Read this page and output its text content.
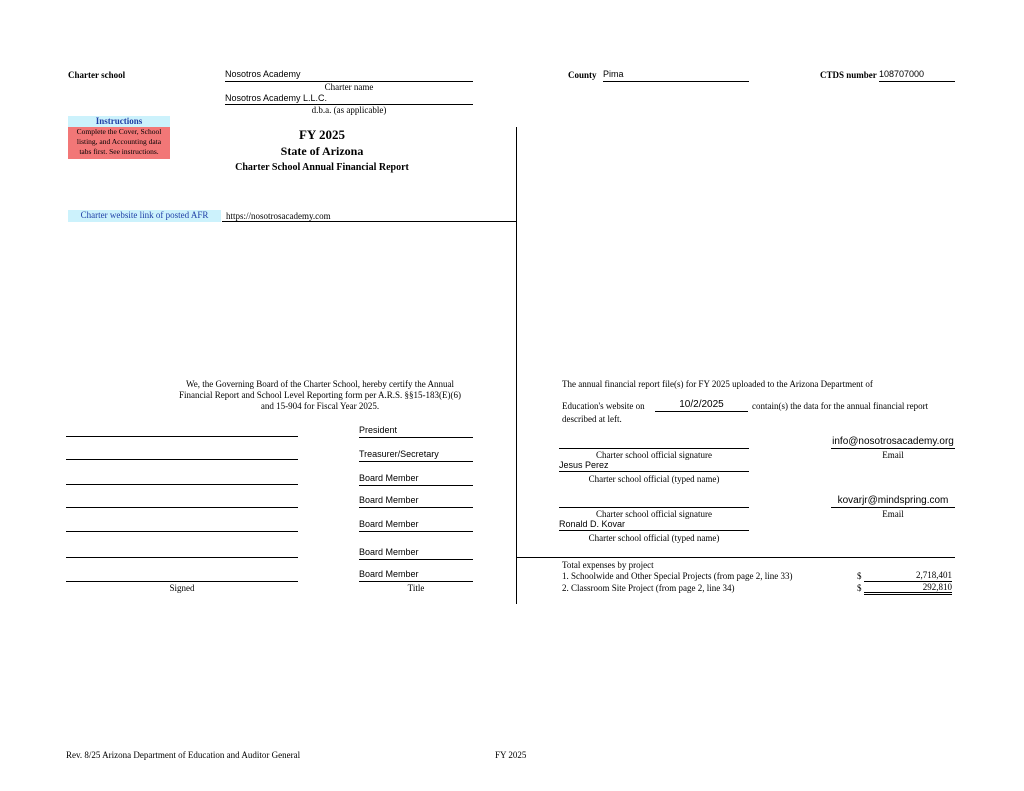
Charter school	Nosotros Academy
Charter name
Nosotros Academy L.L.C.
d.b.a. (as applicable)
County Pima	CTDS number 108707000
Instructions
Complete the Cover, School
listing, and Accounting data
tabs first. See instructions.
FY 2025
State of Arizona
Charter School Annual Financial Report
Charter website link of posted AFR	https://nosotrosacademy.com
We, the Governing Board of the Charter School, hereby certify the Annual
Financial Report and School Level Reporting form per A.R.S. §§15-183(E)(6)
and 15-904 for Fiscal Year 2025.
President
Treasurer/Secretary
Board Member
Board Member
Board Member
Board Member
Board Member
Signed	Title
The annual financial report file(s) for FY 2025 uploaded to the Arizona Department of
Education's website on	10/2/2025	contain(s) the data for the annual financial report
described at left.
Charter school official signature
info@nosotrosacademy.org
Email
Jesus Perez
Charter school official (typed name)
Charter school official signature
kovarjr@mindspring.com
Email
Ronald D. Kovar
Charter school official (typed name)
Total expenses by project
1. Schoolwide and Other Special Projects (from page 2, line 33)	$	2,718,401
2. Classroom Site Project (from page 2, line 34)	$	292,810
Rev. 8/25 Arizona Department of Education and Auditor General	FY 2025
